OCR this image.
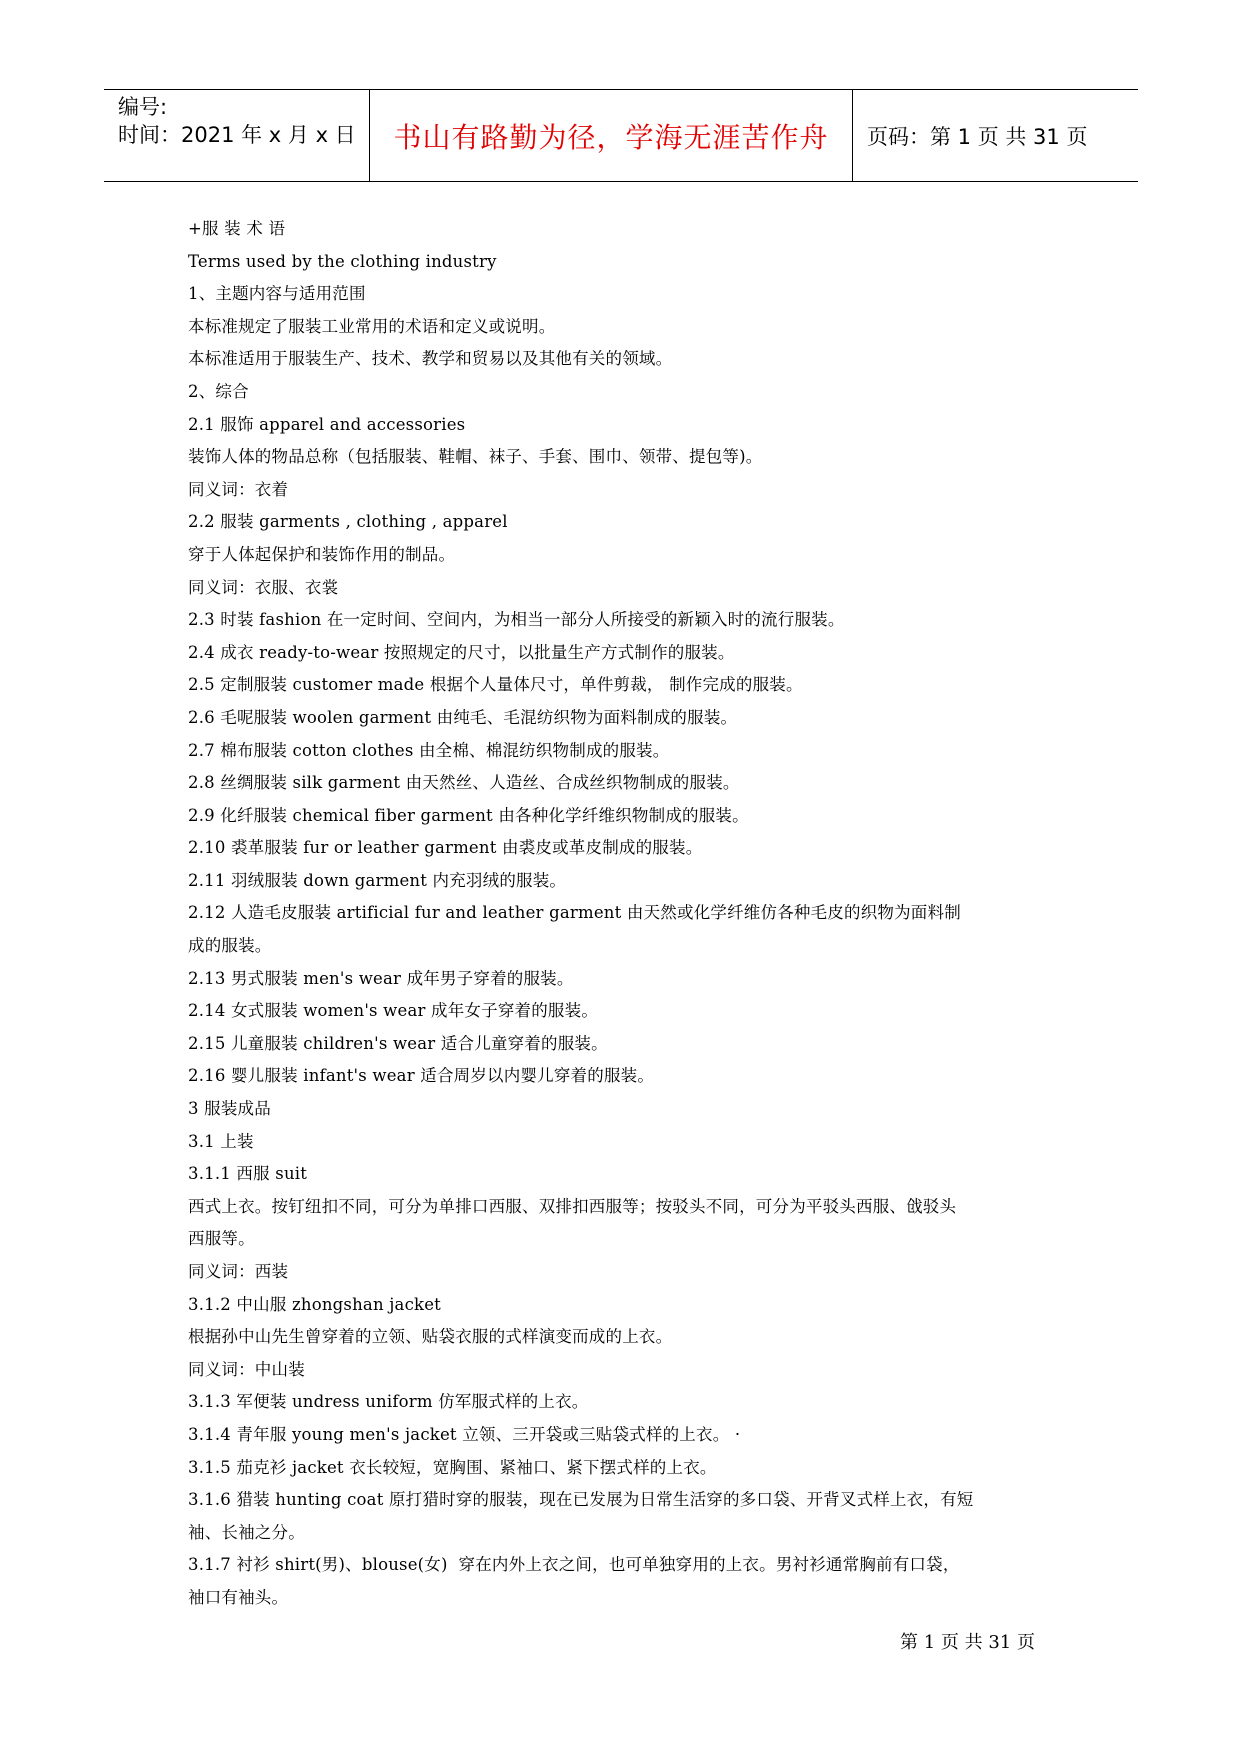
编号:
时间：2021 年 x 月 x 日	书山有路勤为径，学海无涯苦作舟 页码：第 1 页 共 31 页
+服 装 术 语
Terms used by the clothing industry
1、主题内容与适用范围
本标准规定了服装工业常用的术语和定义或说明。
本标准适用于服装生产、技术、教学和贸易以及其他有关的领域。
2、综合
2.1 服饰 apparel and accessories
装饰人体的物品总称（包括服装、鞋帽、袜子、手套、围巾、领带、提包等)。
同义词：衣着
2.2 服装 garments , clothing , apparel
穿于人体起保护和装饰作用的制品。
同义词：衣服、衣裳
2.3 时装 fashion 在一定时间、空间内，为相当一部分人所接受的新颖入时的流行服装。
2.4 成衣 ready-to-wear 按照规定的尺寸，以批量生产方式制作的服装。
2.5 定制服装 customer made 根据个人量体尺寸，单件剪裁， 制作完成的服装。
2.6 毛呢服装 woolen garment 由纯毛、毛混纺织物为面料制成的服装。
2.7 棉布服装 cotton clothes 由全棉、棉混纺织物制成的服装。
2.8 丝绸服装 silk garment 由天然丝、人造丝、合成丝织物制成的服装。
2.9 化纤服装 chemical fiber garment 由各种化学纤维织物制成的服装。
2.10 裘革服装 fur or leather garment 由裘皮或革皮制成的服装。
2.11 羽绒服装 down garment 内充羽绒的服装。
2.12 人造毛皮服装 artificial fur and leather garment 由天然或化学纤维仿各种毛皮的织物为面料制
成的服装。
2.13 男式服装 men's wear 成年男子穿着的服装。
2.14 女式服装 women's wear 成年女子穿着的服装。
2.15 儿童服装 children's wear 适合儿童穿着的服装。
2.16 婴儿服装 infant's wear 适合周岁以内婴儿穿着的服装。
3 服装成品
3.1 上装
3.1.1 西服 suit
西式上衣。按钉纽扣不同，可分为单排口西服、双排扣西服等；按驳头不同，可分为平驳头西服、戗驳头
西服等。
同义词：西装
3.1.2 中山服 zhongshan jacket
根据孙中山先生曾穿着的立领、贴袋衣服的式样演变而成的上衣。
同义词：中山装
3.1.3 军便装 undress uniform 仿军服式样的上衣。
3.1.4 青年服 young men's jacket 立领、三开袋或三贴袋式样的上衣。 ·
3.1.5 茄克衫 jacket 衣长较短，宽胸围、紧袖口、紧下摆式样的上衣。
3.1.6 猎装 hunting coat 原打猎时穿的服装，现在已发展为日常生活穿的多口袋、开背叉式样上衣，有短
袖、长袖之分。
3.1.7 衬衫 shirt(男)、blouse(女)  穿在内外上衣之间，也可单独穿用的上衣。男衬衫通常胸前有口袋，
袖口有袖头。
第 1 页 共 31 页
